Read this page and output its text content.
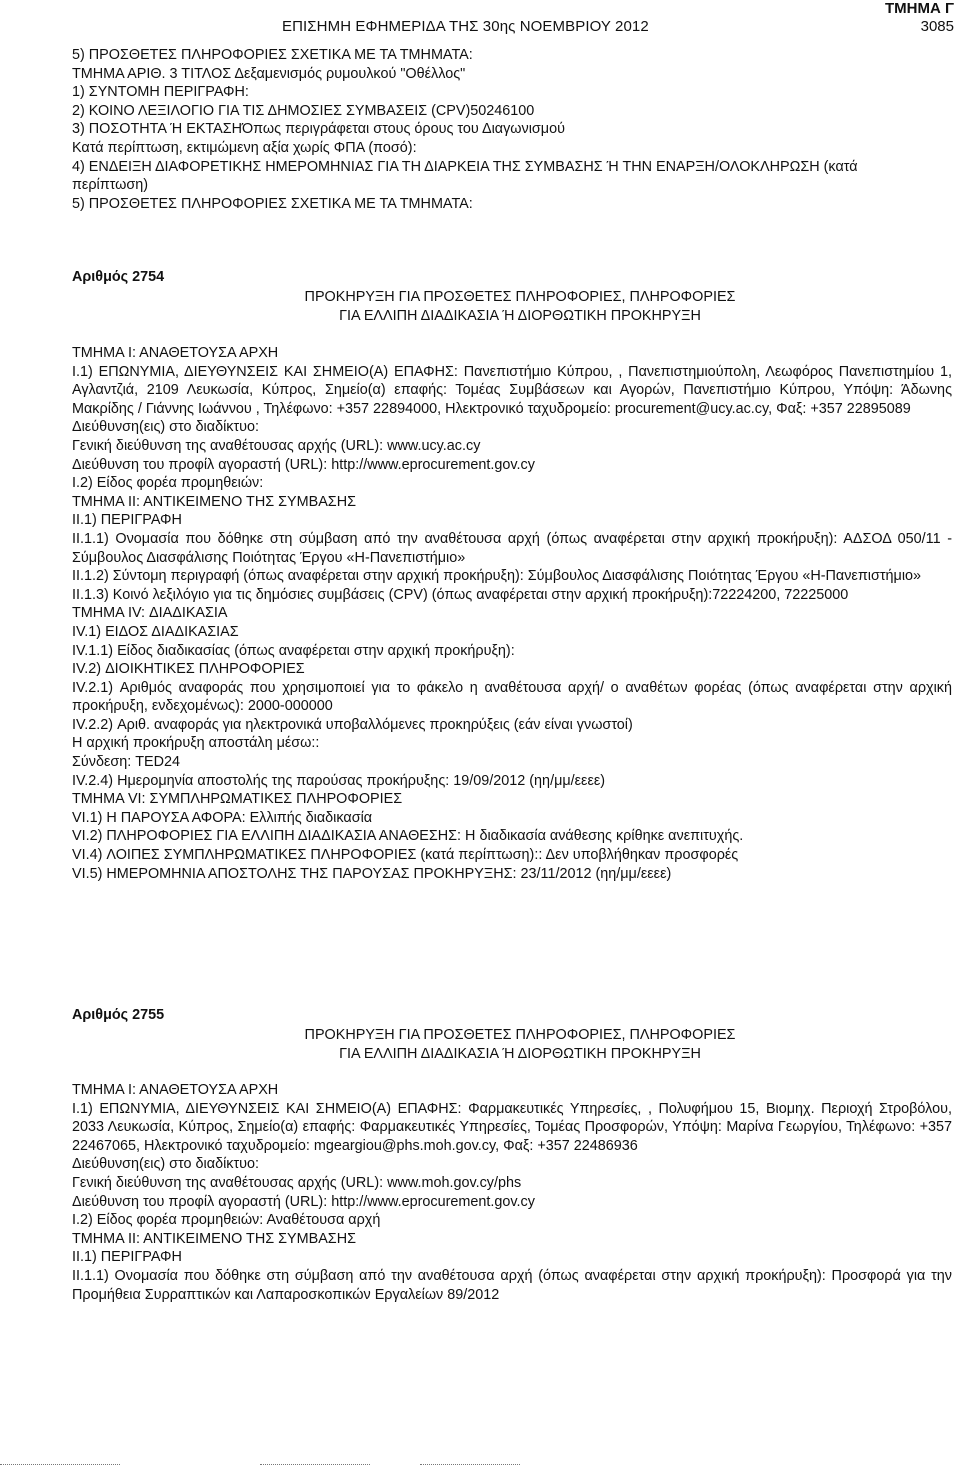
ΕΠΙΣΗΜΗ ΕΦΗΜΕΡΙΔΑ ΤΗΣ 30ης ΝΟΕΜΒΡΙΟΥ 2012
ΤΜΗΜΑ Γ
3085
5) ΠΡΟΣΘΕΤΕΣ ΠΛΗΡΟΦΟΡΙΕΣ ΣΧΕΤΙΚΑ ΜΕ ΤΑ ΤΜΗΜΑΤΑ:
ΤΜΗΜΑ ΑΡΙΘ. 3 ΤΙΤΛΟΣ Δεξαμενισμός ρυμουλκού "Οθέλλος"
1) ΣΥΝΤΟΜΗ ΠΕΡΙΓΡΑΦΗ:
2) ΚΟΙΝΟ ΛΕΞΙΛΟΓΙΟ ΓΙΑ ΤΙΣ ΔΗΜΟΣΙΕΣ ΣΥΜΒΑΣΕΙΣ (CPV)50246100
3) ΠΟΣΟΤΗΤΑ Ή ΕΚΤΑΣΗΌπως περιγράφεται στους όρους του Διαγωνισμού
Κατά περίπτωση, εκτιμώμενη αξία χωρίς ΦΠΑ (ποσό):
4) ΕΝΔΕΙΞΗ ΔΙΑΦΟΡΕΤΙΚΗΣ ΗΜΕΡΟΜΗΝΙΑΣ ΓΙΑ ΤΗ ΔΙΑΡΚΕΙΑ ΤΗΣ ΣΥΜΒΑΣΗΣ Ή ΤΗΝ ΕΝΑΡΞΗ/ΟΛΟΚΛΗΡΩΣΗ (κατά
περίπτωση)
5) ΠΡΟΣΘΕΤΕΣ ΠΛΗΡΟΦΟΡΙΕΣ ΣΧΕΤΙΚΑ ΜΕ ΤΑ ΤΜΗΜΑΤΑ:
Αριθμός 2754
ΠΡΟΚΗΡΥΞΗ ΓΙΑ ΠΡΟΣΘΕΤΕΣ ΠΛΗΡΟΦΟΡΙΕΣ, ΠΛΗΡΟΦΟΡΙΕΣ
ΓΙΑ ΕΛΛΙΠΗ ΔΙΑΔΙΚΑΣΙΑ Ή ΔΙΟΡΘΩΤΙΚΗ ΠΡΟΚΗΡΥΞΗ
ΤΜΗΜΑ Ι: ΑΝΑΘΕΤΟΥΣΑ ΑΡΧΗ
Ι.1) ΕΠΩΝΥΜΙΑ, ΔΙΕΥΘΥΝΣΕΙΣ ΚΑΙ ΣΗΜΕΙΟ(Α) ΕΠΑΦΗΣ: Πανεπιστήμιο Κύπρου, , Πανεπιστημιούπολη, Λεωφόρος Πανεπιστημίου 1, Αγλαντζιά, 2109 Λευκωσία, Κύπρος, Σημείο(α) επαφής: Τομέας Συμβάσεων και Αγορών, Πανεπιστήμιο Κύπρου, Υπόψη: Άδωνης Μακρίδης / Γιάννης Ιωάννου , Τηλέφωνο: +357 22894000, Ηλεκτρονικό ταχυδρομείο: procurement@ucy.ac.cy, Φαξ: +357 22895089
Διεύθυνση(εις) στο διαδίκτυο:
Γενική διεύθυνση της αναθέτουσας αρχής (URL): www.ucy.ac.cy
Διεύθυνση του προφίλ αγοραστή (URL): http://www.eprocurement.gov.cy
Ι.2) Είδος φορέα προμηθειών:
ΤΜΗΜΑ ΙΙ: ΑΝΤΙΚΕΙΜΕΝΟ ΤΗΣ ΣΥΜΒΑΣΗΣ
ΙΙ.1) ΠΕΡΙΓΡΑΦΗ
ΙΙ.1.1) Ονομασία που δόθηκε στη σύμβαση από την αναθέτουσα αρχή (όπως αναφέρεται στην αρχική προκήρυξη): ΑΔΣΟΔ 050/11 - Σύμβουλος Διασφάλισης Ποιότητας Έργου «Η-Πανεπιστήμιο»
ΙΙ.1.2) Σύντομη περιγραφή (όπως αναφέρεται στην αρχική προκήρυξη): Σύμβουλος Διασφάλισης Ποιότητας Έργου «Η-Πανεπιστήμιο»
ΙΙ.1.3) Κοινό λεξιλόγιο για τις δημόσιες συμβάσεις (CPV) (όπως αναφέρεται στην αρχική προκήρυξη):72224200, 72225000
ΤΜΗΜΑ IV: ΔΙΑΔΙΚΑΣΙΑ
IV.1) ΕΙΔΟΣ ΔΙΑΔΙΚΑΣΙΑΣ
IV.1.1) Είδος διαδικασίας (όπως αναφέρεται στην αρχική προκήρυξη):
IV.2) ΔΙΟΙΚΗΤΙΚΕΣ ΠΛΗΡΟΦΟΡΙΕΣ
IV.2.1) Αριθμός αναφοράς που χρησιμοποιεί για το φάκελο η αναθέτουσα αρχή/ ο αναθέτων φορέας (όπως αναφέρεται στην αρχική προκήρυξη, ενδεχομένως): 2000-000000
IV.2.2) Αριθ. αναφοράς για ηλεκτρονικά υποβαλλόμενες προκηρύξεις (εάν είναι γνωστοί)
Η αρχική προκήρυξη αποστάλη μέσω::
Σύνδεση: TED24
IV.2.4) Ημερομηνία αποστολής της παρούσας προκήρυξης: 19/09/2012 (ηη/μμ/εεεε)
ΤΜΗΜΑ VI: ΣΥΜΠΛΗΡΩΜΑΤΙΚΕΣ ΠΛΗΡΟΦΟΡΙΕΣ
VI.1) Η ΠΑΡΟΥΣΑ ΑΦΟΡΑ: Ελλιπής διαδικασία
VI.2) ΠΛΗΡΟΦΟΡΙΕΣ ΓΙΑ ΕΛΛΙΠΗ ΔΙΑΔΙΚΑΣΙΑ ΑΝΑΘΕΣΗΣ: Η διαδικασία ανάθεσης κρίθηκε ανεπιτυχής.
VI.4) ΛΟΙΠΕΣ ΣΥΜΠΛΗΡΩΜΑΤΙΚΕΣ ΠΛΗΡΟΦΟΡΙΕΣ (κατά περίπτωση):: Δεν υποβλήθηκαν προσφορές
VI.5) ΗΜΕΡΟΜΗΝΙΑ ΑΠΟΣΤΟΛΗΣ ΤΗΣ ΠΑΡΟΥΣΑΣ ΠΡΟΚΗΡΥΞΗΣ: 23/11/2012 (ηη/μμ/εεεε)
Αριθμός 2755
ΠΡΟΚΗΡΥΞΗ ΓΙΑ ΠΡΟΣΘΕΤΕΣ ΠΛΗΡΟΦΟΡΙΕΣ, ΠΛΗΡΟΦΟΡΙΕΣ
ΓΙΑ ΕΛΛΙΠΗ ΔΙΑΔΙΚΑΣΙΑ Ή ΔΙΟΡΘΩΤΙΚΗ ΠΡΟΚΗΡΥΞΗ
ΤΜΗΜΑ Ι: ΑΝΑΘΕΤΟΥΣΑ ΑΡΧΗ
Ι.1) ΕΠΩΝΥΜΙΑ, ΔΙΕΥΘΥΝΣΕΙΣ ΚΑΙ ΣΗΜΕΙΟ(Α) ΕΠΑΦΗΣ: Φαρμακευτικές Υπηρεσίες, , Πολυφήμου 15, Βιομηχ. Περιοχή Στροβόλου, 2033 Λευκωσία, Κύπρος, Σημείο(α) επαφής: Φαρμακευτικές Υπηρεσίες, Τομέας Προσφορών, Υπόψη: Μαρίνα Γεωργίου, Τηλέφωνο: +357 22467065, Ηλεκτρονικό ταχυδρομείο: mgeargiou@phs.moh.gov.cy, Φαξ: +357 22486936
Διεύθυνση(εις) στο διαδίκτυο:
Γενική διεύθυνση της αναθέτουσας αρχής (URL): www.moh.gov.cy/phs
Διεύθυνση του προφίλ αγοραστή (URL): http://www.eprocurement.gov.cy
Ι.2) Είδος φορέα προμηθειών: Αναθέτουσα αρχή
ΤΜΗΜΑ ΙΙ: ΑΝΤΙΚΕΙΜΕΝΟ ΤΗΣ ΣΥΜΒΑΣΗΣ
ΙΙ.1) ΠΕΡΙΓΡΑΦΗ
ΙΙ.1.1) Ονομασία που δόθηκε στη σύμβαση από την αναθέτουσα αρχή (όπως αναφέρεται στην αρχική προκήρυξη): Προσφορά για την Προμήθεια Συρραπτικών και Λαπαροσκοπικών Εργαλείων 89/2012
